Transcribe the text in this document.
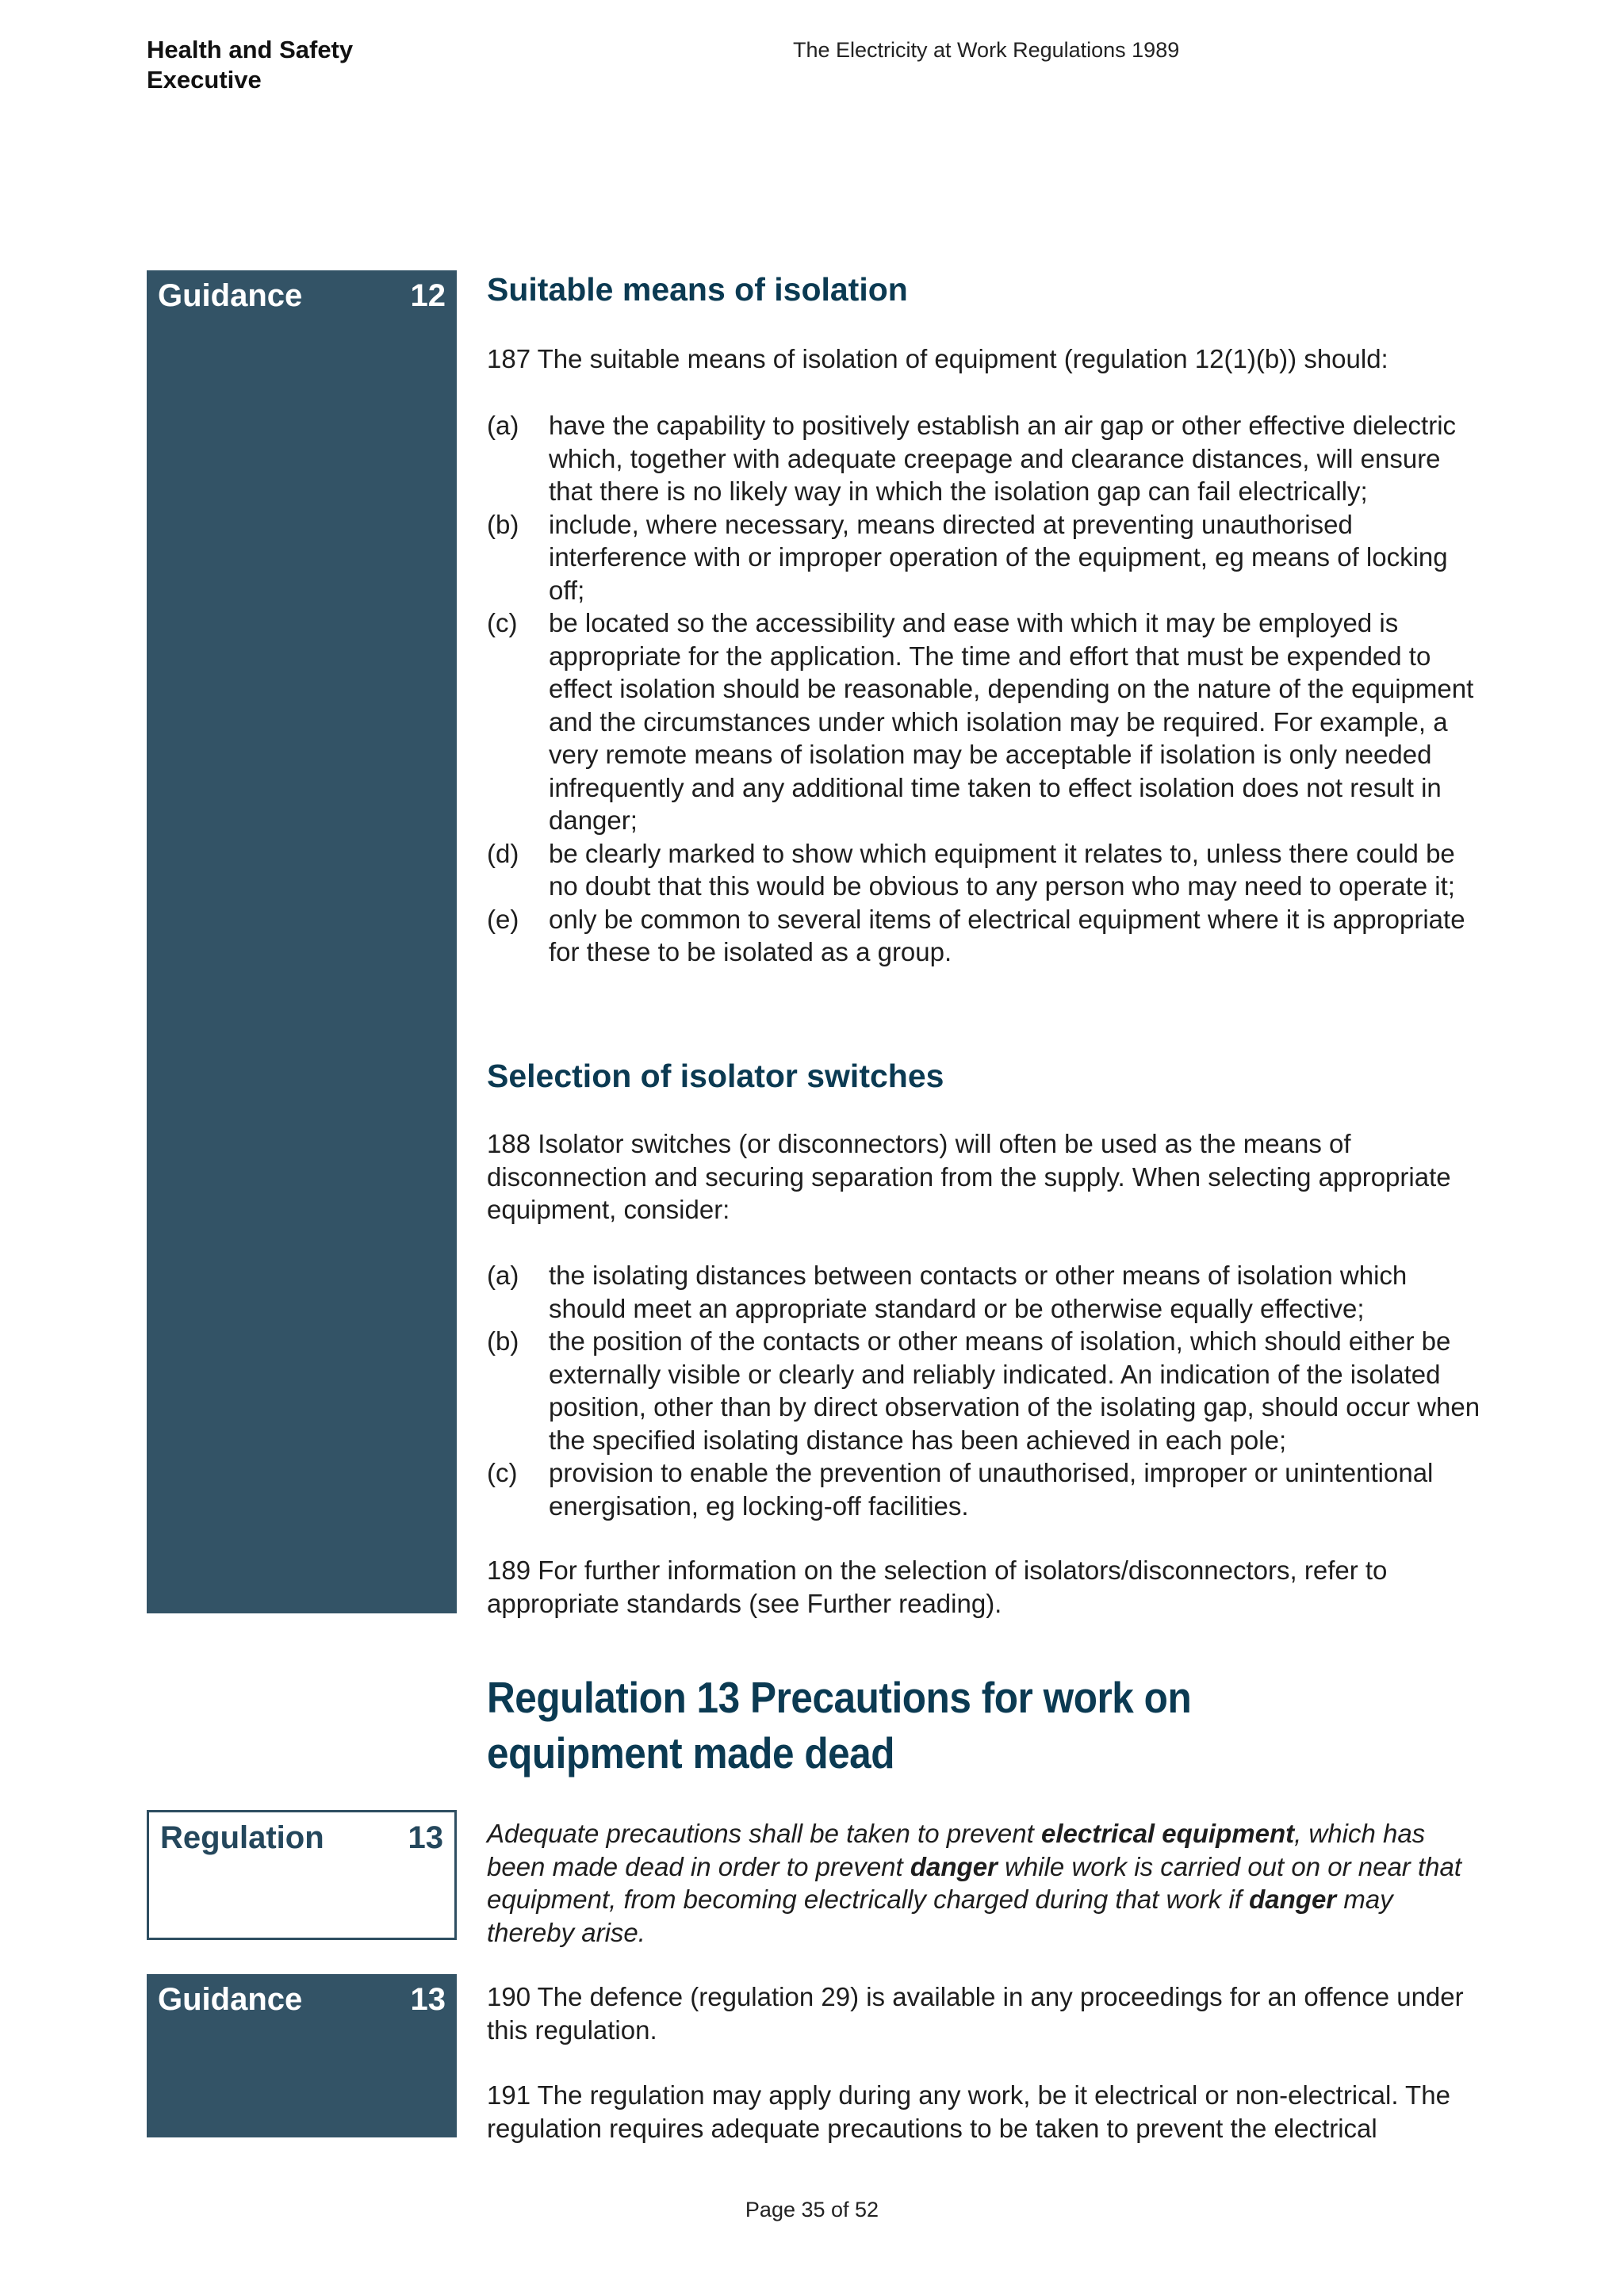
Health and Safety
Executive
The Electricity at Work Regulations 1989
Guidance	12
Regulation	13
Guidance	13
Suitable means of isolation
187 The suitable means of isolation of equipment (regulation 12(1)(b)) should:
(a)	have the capability to positively establish an air gap or other effective dielectric which, together with adequate creepage and clearance distances, will ensure that there is no likely way in which the isolation gap can fail electrically;
(b)	include, where necessary, means directed at preventing unauthorised interference with or improper operation of the equipment, eg means of locking off;
(c)	be located so the accessibility and ease with which it may be employed is appropriate for the application. The time and effort that must be expended to effect isolation should be reasonable, depending on the nature of the equipment and the circumstances under which isolation may be required. For example, a very remote means of isolation may be acceptable if isolation is only needed infrequently and any additional time taken to effect isolation does not result in danger;
(d)	be clearly marked to show which equipment it relates to, unless there could be no doubt that this would be obvious to any person who may need to operate it;
(e)	only be common to several items of electrical equipment where it is appropriate for these to be isolated as a group.
Selection of isolator switches
188 Isolator switches (or disconnectors) will often be used as the means of disconnection and securing separation from the supply. When selecting appropriate equipment, consider:
(a)	the isolating distances between contacts or other means of isolation which should meet an appropriate standard or be otherwise equally effective;
(b)	the position of the contacts or other means of isolation, which should either be externally visible or clearly and reliably indicated. An indication of the isolated position, other than by direct observation of the isolating gap, should occur when the specified isolating distance has been achieved in each pole;
(c)	provision to enable the prevention of unauthorised, improper or unintentional energisation, eg locking-off facilities.
189 For further information on the selection of isolators/disconnectors, refer to appropriate standards (see Further reading).
Regulation 13 Precautions for work on equipment made dead
Adequate precautions shall be taken to prevent electrical equipment, which has been made dead in order to prevent danger while work is carried out on or near that equipment, from becoming electrically charged during that work if danger may thereby arise.
190 The defence (regulation 29) is available in any proceedings for an offence under this regulation.
191 The regulation may apply during any work, be it electrical or non-electrical. The regulation requires adequate precautions to be taken to prevent the electrical
Page 35 of 52
